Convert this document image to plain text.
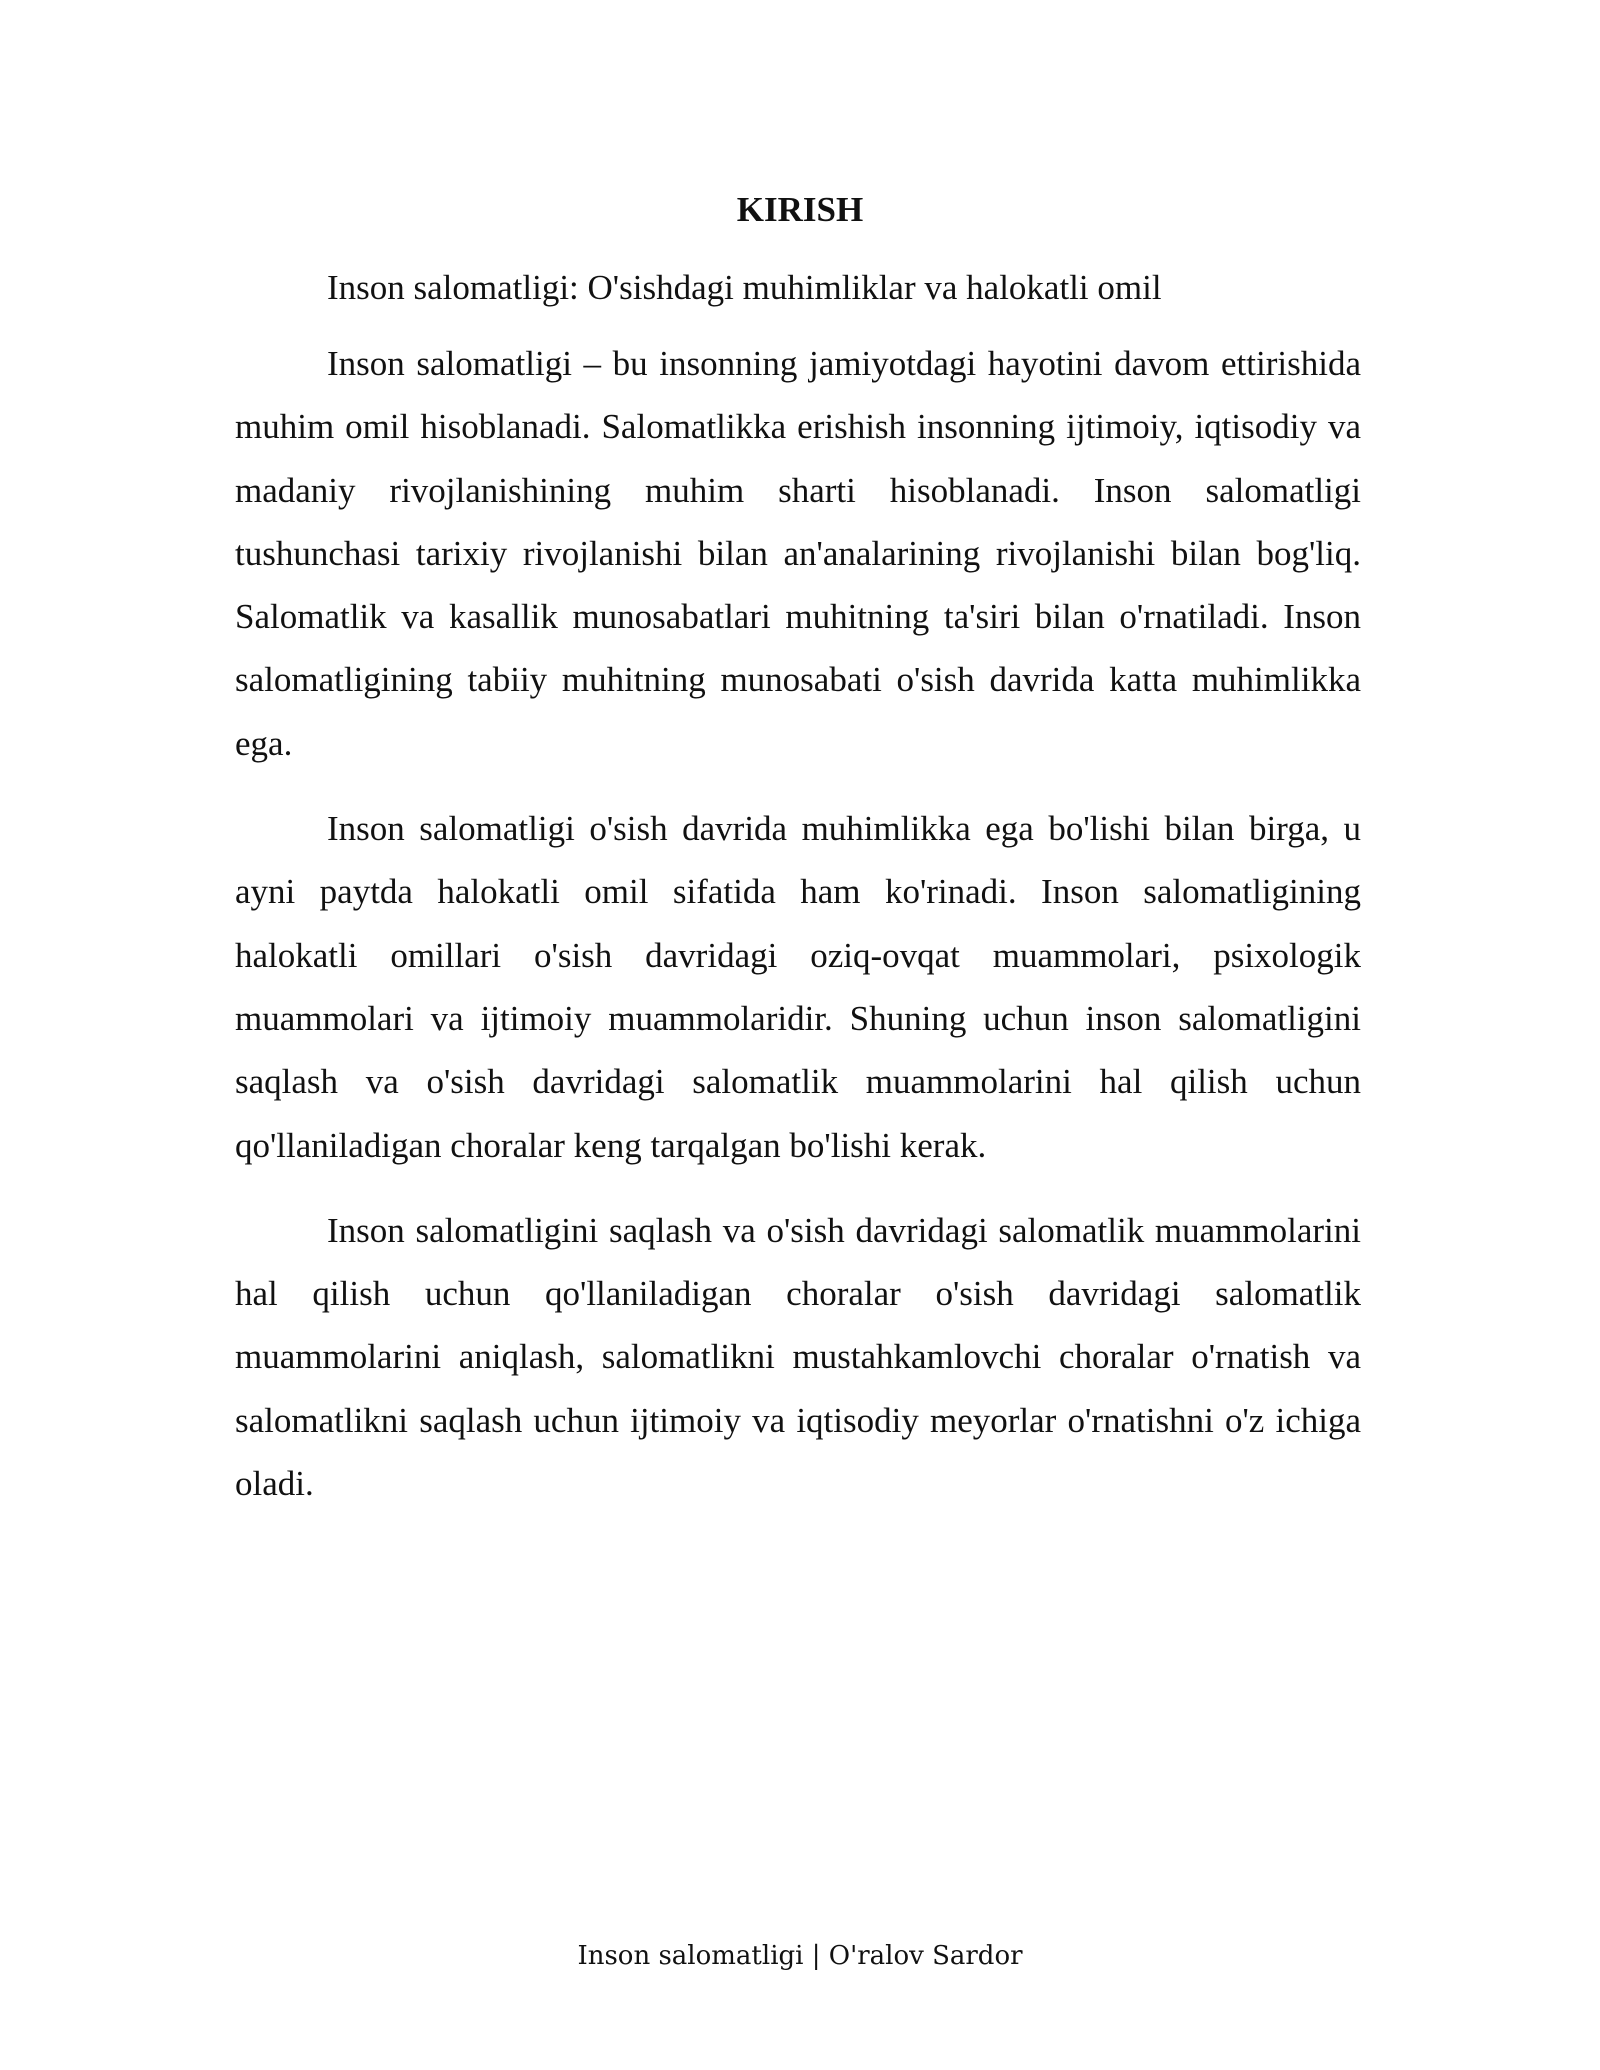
KIRISH

Inson salomatligi: O'sishdagi muhimliklar va halokatli omil

Inson salomatligi – bu insonning jamiyotdagi hayotini davom ettirishida muhim omil hisoblanadi. Salomatlikka erishish insonning ijtimoiy, iqtisodiy va madaniy rivojlanishining muhim sharti hisoblanadi. Inson salomatligi tushunchasi tarixiy rivojlanishi bilan an'analarining rivojlanishi bilan bog'liq. Salomatlik va kasallik munosabatlari muhitning ta'siri bilan o'rnatiladi. Inson salomatligining tabiiy muhitning munosabati o'sish davrida katta muhimlikka ega.

Inson salomatligi o'sish davrida muhimlikka ega bo'lishi bilan birga, u ayni paytda halokatli omil sifatida ham ko'rinadi. Inson salomatligining halokatli omillari o'sish davridagi oziq-ovqat muammolari, psixologik muammolari va ijtimoiy muammolaridir. Shuning uchun inson salomatligini saqlash va o'sish davridagi salomatlik muammolarini hal qilish uchun qo'llaniladigan choralar keng tarqalgan bo'lishi kerak.

Inson salomatligini saqlash va o'sish davridagi salomatlik muammolarini hal qilish uchun qo'llaniladigan choralar o'sish davridagi salomatlik muammolarini aniqlash, salomatlikni mustahkamlovchi choralar o'rnatish va salomatlikni saqlash uchun ijtimoiy va iqtisodiy meyorlar o'rnatishni o'z ichiga oladi.

Inson salomatligi | O'ralov Sardor
